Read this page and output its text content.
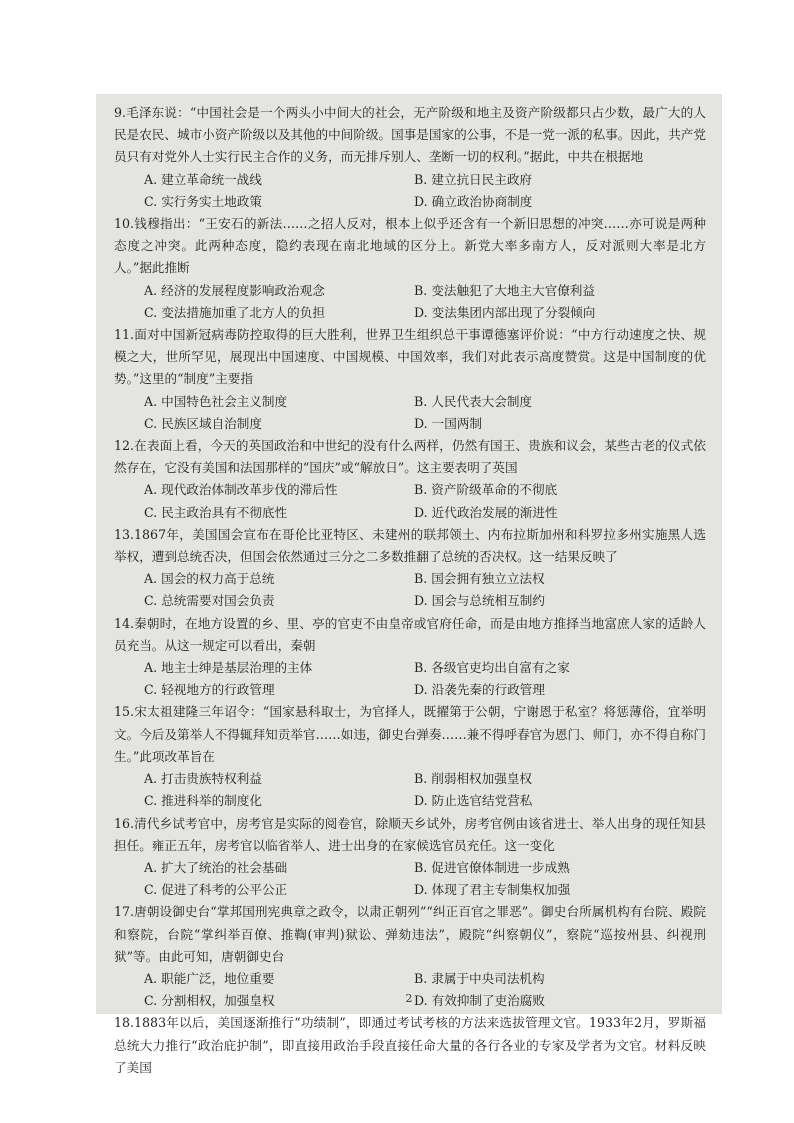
9.毛泽东说：“中国社会是一个两头小中间大的社会，无产阶级和地主及资产阶级都只占少数，最广大的人民是农民、城市小资产阶级以及其他的中间阶级。国事是国家的公事，不是一党一派的私事。因此，共产党员只有对党外人士实行民主合作的义务，而无排斥别人、垄断一切的权利。”据此，中共在根据地

A. 建立革命统一战线	B. 建立抗日民主政府
C. 实行务实土地政策	D. 确立政治协商制度

10.钱穆指出：“王安石的新法……之招人反对，根本上似乎还含有一个新旧思想的冲突……亦可说是两种态度之冲突。此两种态度，隐约表现在南北地域的区分上。新党大率多南方人，反对派则大率是北方人。”据此推断

A. 经济的发展程度影响政治观念	B. 变法触犯了大地主大官僚利益
C. 变法措施加重了北方人的负担	D. 变法集团内部出现了分裂倾向

11.面对中国新冠病毒防控取得的巨大胜利，世界卫生组织总干事谭德塞评价说：“中方行动速度之快、规模之大，世所罕见，展现出中国速度、中国规模、中国效率，我们对此表示高度赞赏。这是中国制度的优势。”这里的“制度”主要指

A. 中国特色社会主义制度	B. 人民代表大会制度
C. 民族区域自治制度	D. 一国两制

12.在表面上看，今天的英国政治和中世纪的没有什么两样，仍然有国王、贵族和议会，某些古老的仪式依然存在，它没有美国和法国那样的“国庆”或“解放日”。这主要表明了英国

A. 现代政治体制改革步伐的滞后性	B. 资产阶级革命的不彻底
C. 民主政治具有不彻底性	D. 近代政治发展的渐进性

13.1867年，美国国会宣布在哥伦比亚特区、未建州的联邦领土、内布拉斯加州和科罗拉多州实施黑人选举权，遭到总统否决，但国会依然通过三分之二多数推翻了总统的否决权。这一结果反映了

A. 国会的权力高于总统	B. 国会拥有独立立法权
C. 总统需要对国会负责	D. 国会与总统相互制约

14.秦朝时，在地方设置的乡、里、亭的官吏不由皇帝或官府任命，而是由地方推择当地富庶人家的适龄人员充当。从这一规定可以看出，秦朝

A. 地主士绅是基层治理的主体	B. 各级官吏均出自富有之家
C. 轻视地方的行政管理	D. 沿袭先秦的行政管理

15.宋太祖建隆三年诏令：“国家悬科取士，为官择人，既擢第于公朝，宁谢恩于私室？将惩薄俗，宜举明文。今后及第举人不得辄拜知贡举官……如违，御史台弹奏……兼不得呼春官为恩门、师门，亦不得自称门生。”此项改革旨在

A. 打击贵族特权利益	B. 削弱相权加强皇权
C. 推进科举的制度化	D. 防止选官结党营私

16.清代乡试考官中，房考官是实际的阅卷官，除顺天乡试外，房考官例由该省进士、举人出身的现任知县担任。雍正五年，房考官以临省举人、进士出身的在家候选官员充任。这一变化

A. 扩大了统治的社会基础	B. 促进官僚体制进一步成熟
C. 促进了科考的公平公正	D. 体现了君主专制集权加强

17.唐朝设御史台“掌邦国刑宪典章之政令，以肃正朝列”“纠正百官之罪恶”。御史台所属机构有台院、殿院和察院，台院“掌纠举百僚、推鞫(审判)狱讼、弹劾违法”，殿院“纠察朝仪”，察院“巡按州县、纠视刑狱”等。由此可知，唐朝御史台

A. 职能广泛，地位重要	B. 隶属于中央司法机构
C. 分割相权，加强皇权	D. 有效抑制了吏治腐败

18.1883年以后，美国逐渐推行“功绩制”，即通过考试考核的方法来选拔管理文官。1933年2月，罗斯福总统大力推行“政治庇护制”，即直接用政治手段直接任命大量的各行各业的专家及学者为文官。材料反映了美国

2
